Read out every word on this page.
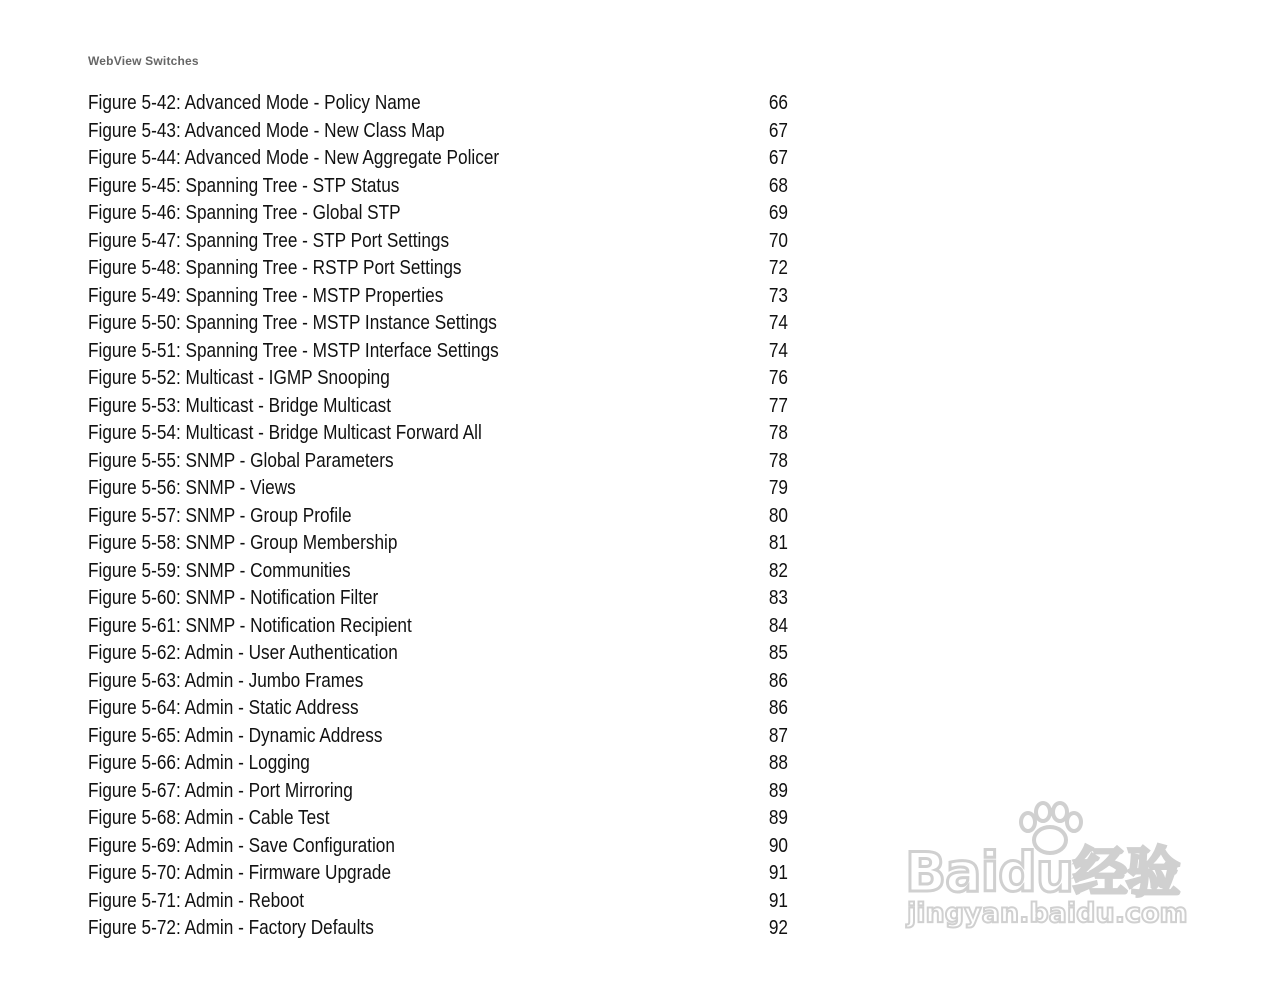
WebView Switches
Figure 5-42: Advanced Mode - Policy Name	66
Figure 5-43: Advanced Mode - New Class Map	67
Figure 5-44: Advanced Mode - New Aggregate Policer	67
Figure 5-45: Spanning Tree - STP Status	68
Figure 5-46: Spanning Tree - Global STP	69
Figure 5-47: Spanning Tree - STP Port Settings	70
Figure 5-48: Spanning Tree - RSTP Port Settings	72
Figure 5-49: Spanning Tree - MSTP Properties	73
Figure 5-50: Spanning Tree - MSTP Instance Settings	74
Figure 5-51: Spanning Tree - MSTP Interface Settings	74
Figure 5-52: Multicast - IGMP Snooping	76
Figure 5-53: Multicast - Bridge Multicast	77
Figure 5-54: Multicast - Bridge Multicast Forward All	78
Figure 5-55: SNMP - Global Parameters	78
Figure 5-56: SNMP - Views	79
Figure 5-57: SNMP - Group Profile	80
Figure 5-58: SNMP - Group Membership	81
Figure 5-59: SNMP - Communities	82
Figure 5-60: SNMP - Notification Filter	83
Figure 5-61: SNMP - Notification Recipient	84
Figure 5-62: Admin - User Authentication	85
Figure 5-63: Admin - Jumbo Frames	86
Figure 5-64: Admin - Static Address	86
Figure 5-65: Admin - Dynamic Address	87
Figure 5-66: Admin - Logging	88
Figure 5-67: Admin - Port Mirroring	89
Figure 5-68: Admin - Cable Test	89
Figure 5-69: Admin - Save Configuration	90
Figure 5-70: Admin - Firmware Upgrade	91
Figure 5-71: Admin - Reboot	91
Figure 5-72: Admin - Factory Defaults	92
Baidu经验
jingyan.baidu.com
